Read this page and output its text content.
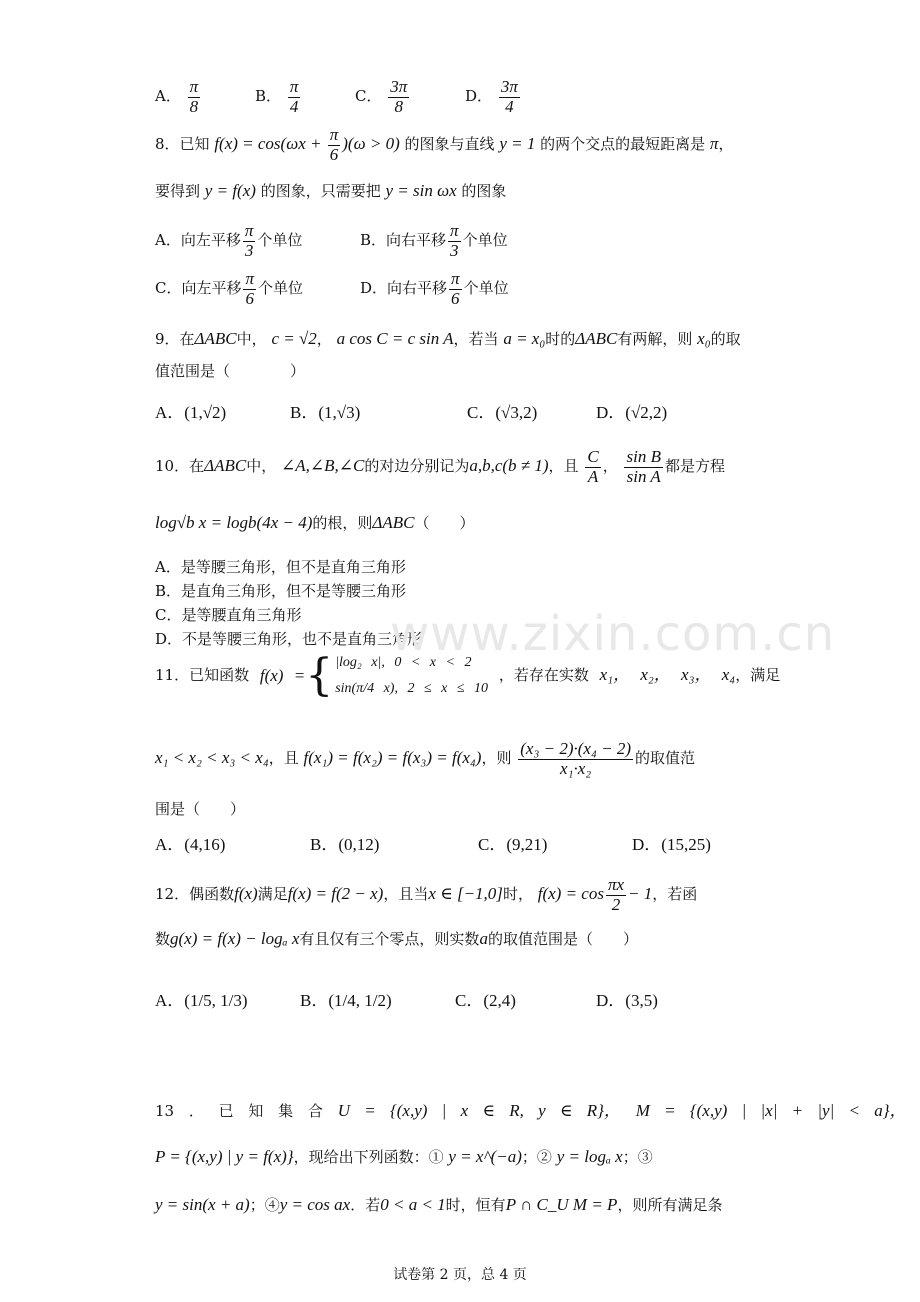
A． $\frac{\pi}{8}$	B． $\frac{\pi}{4}$	C． $\frac{3\pi}{8}$	D． $\frac{3\pi}{4}$
8．已知 $f(x) = \cos(\omega x + \frac{\pi}{6} )(\omega > 0)$ 的图象与直线 y = 1 的两个交点的最短距离是 π，
要得到 y = f(x) 的图象，只需要把 y = sin ωx 的图象
A．向左平移 $\frac{\pi}{3}$ 个单位	B．向右平移 $\frac{\pi}{3}$ 个单位
C．向左平移 $\frac{\pi}{6}$ 个单位	D．向右平移 $\frac{\pi}{6}$ 个单位
9．在ΔABC中， c = √2， a cos C = c sin A，若当 a = x₀时的ΔABC有两解，则 x₀的取
值范围是（　　　　）
A．(1,√2)	B．(1,√3)	C．(√3,2)	D．(√2,2)
10．在ΔABC中， ∠A,∠B,∠C的对边分别记为a,b,c(b ≠ 1)，且 $\frac{C}{A}$ ， $\frac{\text{sin B}}{\text{sin A}}$ 都是方程
log√b x = logb(4x − 4)的根，则ΔABC（　　）
A．是等腰三角形，但不是直角三角形
B．是直角三角形，但不是等腰三角形
C．是等腰直角三角形
D．不是等腰三角形，也不是直角三角形
www.zixin.com.cn
11．已知函数 f(x) = { |log₂ x|, 0 < x < 2
sin(π/4 x), 2 ≤ x ≤ 10
，若存在实数 x₁， x₂， x₃， x₄，满足
x₁ < x₂ < x₃ < x₄，且 f(x₁) = f(x₂) = f(x₃) = f(x₄)，则 $\frac{\text{(x₃ − 2)·(x₄ − 2)}}{\text{x₁·x₂}}$ 的取值范
围是（　　）
A．(4,16)	B．(0,12)	C．(9,21)	D．(15,25)
12．偶函数f(x)满足f(x) = f(2 − x)，且当x ∈ [−1,0]时， $f(x) = \cos \frac{\pi x}{2} - 1$，若函
数g(x) = f(x) − logₐ x有且仅有三个零点，则实数a的取值范围是（　　）
A．(1/5, 1/3)	B．(1/4, 1/2)	C．(2,4)	D．(3,5)
13 ． 已 知 集 合 U = {(x,y) | x ∈ R, y ∈ R}， M = {(x,y) | |x| + |y| < a}，
P = {(x,y) | y = f(x)}，现给出下列函数：① y = x^(−a)；② y = logₐ x；③
y = sin(x + a)；④y = cos ax．若0 < a < 1时，恒有P ∩ C_U M = P，则所有满足条
试卷第 2 页，总 4 页
